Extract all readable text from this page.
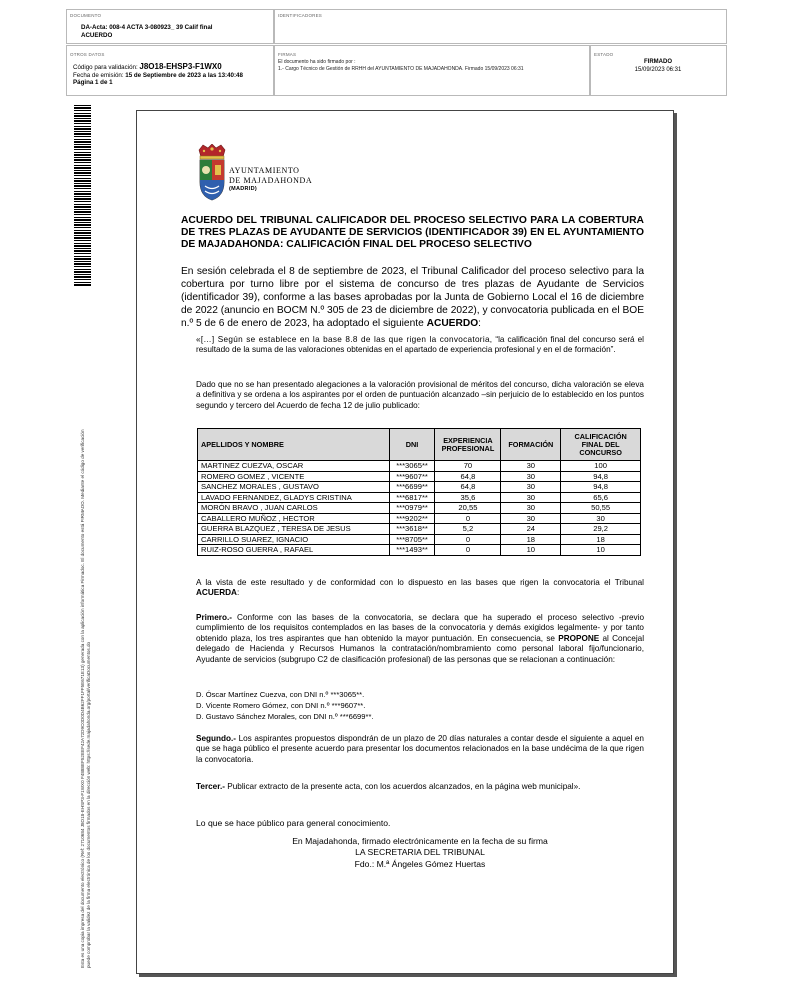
DOCUMENTO
DA-Acta: 008-4 ACTA 3-080923_ 39 Calif final
ACUERDO
IDENTIFICADORES
OTROS DATOS
Código para validación: J8O18-EHSP3-F1WX0
Fecha de emisión: 15 de Septiembre de 2023 a las 13:40:48
Página 1 de 1
FIRMAS
El documento ha sido firmado por :
1.- Cargo Técnico de Gestión de RRHH del AYUNTAMIENTO DE MAJADAHONDA. Firmado 15/09/2023 06:31
ESTADO
FIRMADO
15/09/2023 06:31
Esta es una copia impresa del documento electrónico (Ref: 2710684 J8O18-EHSP3-F1WX0 F4888EF52EEF42A72D9C0D0D4B62FF1FF5E671E13) generada con la aplicación informática Firmadoc. El documento está FIRMADO. Mediante el código de verificación puede comprobar la validez de la firma electrónica de los documentos firmados en la dirección web: https://sede.majadahonda.org/portal/verificaDocumentos.do
AYUNTAMIENTO
DE MAJADAHONDA
(MADRID)
ACUERDO DEL TRIBUNAL CALIFICADOR DEL PROCESO SELECTIVO PARA LA COBERTURA DE TRES PLAZAS DE AYUDANTE DE SERVICIOS (IDENTIFICADOR 39) EN EL AYUNTAMIENTO DE MAJADAHONDA: CALIFICACIÓN FINAL DEL PROCESO SELECTIVO
En sesión celebrada el 8 de septiembre de 2023, el Tribunal Calificador del proceso selectivo para la cobertura por turno libre por el sistema de concurso de tres plazas de Ayudante de Servicios (identificador 39), conforme a las bases aprobadas por la Junta de Gobierno Local el 16 de diciembre de 2022 (anuncio en BOCM N.º 305 de 23 de diciembre de 2022), y convocatoria publicada en el BOE n.º 5 de 6 de enero de 2023, ha adoptado el siguiente ACUERDO:
«[…] Según se establece en la base 8.8 de las que rigen la convocatoria, “la calificación final del concurso será el resultado de la suma de las valoraciones obtenidas en el apartado de experiencia profesional y en el de formación”.
Dado que no se han presentado alegaciones a la valoración provisional de méritos del concurso, dicha valoración se eleva a definitiva y se ordena a los aspirantes por el orden de puntuación alcanzado –sin perjuicio de lo establecido en los puntos segundo y tercero del Acuerdo de fecha 12 de julio publicado:
APELLIDOS Y NOMBRE	DNI	EXPERIENCIA PROFESIONAL	FORMACIÓN	CALIFICACIÓN FINAL DEL CONCURSO
MARTINEZ CUEZVA, OSCAR	***3065**	70	30	100
ROMERO GOMEZ , VICENTE	***9607**	64,8	30	94,8
SANCHEZ MORALES , GUSTAVO	***6699**	64,8	30	94,8
LAVADO FERNANDEZ, GLADYS CRISTINA	***6817**	35,6	30	65,6
MORÓN BRAVO , JUAN CARLOS	***0979**	20,55	30	50,55
CABALLERO MUÑOZ , HECTOR	***9202**	0	30	30
GUERRA BLAZQUEZ , TERESA DE JESUS	***3618**	5,2	24	29,2
CARRILLO SUAREZ, IGNACIO	***8705**	0	18	18
RUIZ-ROSO GUERRA , RAFAEL	***1493**	0	10	10
A la vista de este resultado y de conformidad con lo dispuesto en las bases que rigen la convocatoria el Tribunal ACUERDA:
Primero.- Conforme con las bases de la convocatoria, se declara que ha superado el proceso selectivo -previo cumplimiento de los requisitos contemplados en las bases de la convocatoria y demás exigidos legalmente- y por tanto obtenido plaza, los tres aspirantes que han obtenido la mayor puntuación. En consecuencia, se PROPONE al Concejal delegado de Hacienda y Recursos Humanos la contratación/nombramiento como personal laboral fijo/funcionario, Ayudante de servicios (subgrupo C2 de clasificación profesional) de las personas que se relacionan a continuación:
D. Óscar Martínez Cuezva, con DNI n.º ***3065**.
D. Vicente Romero Gómez, con DNI n.º ***9607**.
D. Gustavo Sánchez Morales, con DNI n.º ***6699**.
Segundo.- Los aspirantes propuestos dispondrán de un plazo de 20 días naturales a contar desde el siguiente a aquel en que se haga público el presente acuerdo para presentar los documentos relacionados en la base undécima de la que rigen la convocatoria.
Tercer.- Publicar extracto de la presente acta, con los acuerdos alcanzados, en la página web municipal».
Lo que se hace público para general conocimiento.
En Majadahonda, firmado electrónicamente en la fecha de su firma
LA SECRETARIA DEL TRIBUNAL
Fdo.: M.ª Ángeles Gómez Huertas
